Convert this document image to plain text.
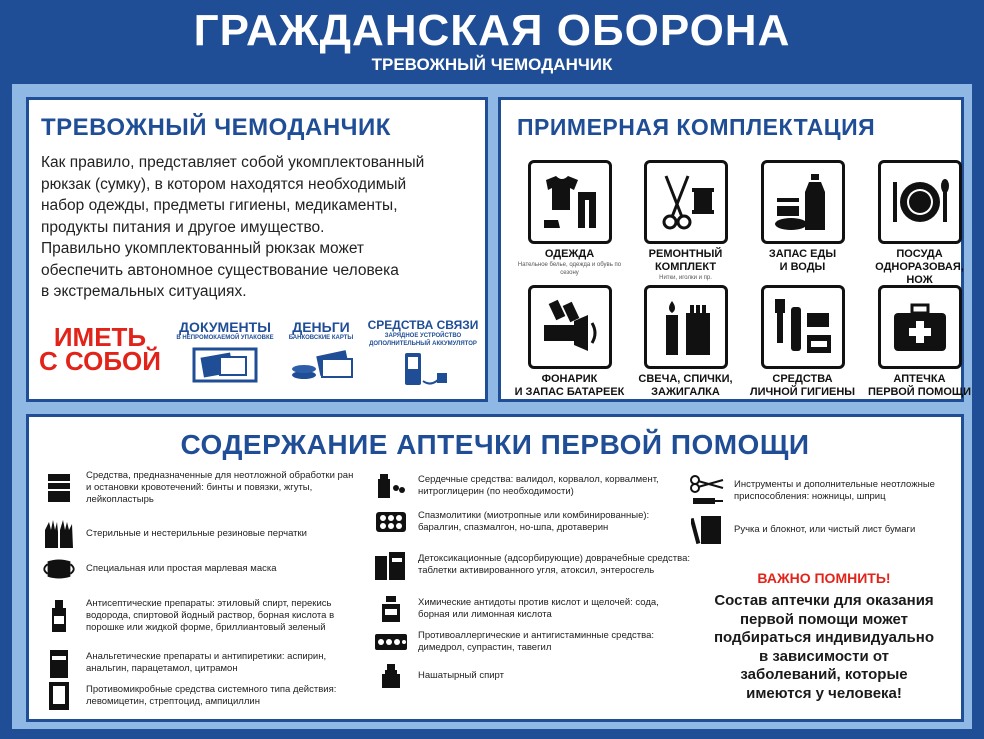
ГРАЖДАНСКАЯ ОБОРОНА
ТРЕВОЖНЫЙ ЧЕМОДАНЧИК
ТРЕВОЖНЫЙ ЧЕМОДАНЧИК
Как правило, представляет собой укомплектованный
рюкзак (сумку), в котором находятся необходимый
набор одежды, предметы гигиены, медикаменты,
продукты питания и другое имущество.
Правильно укомплектованный рюкзак может
обеспечить автономное существование человека
в экстремальных ситуациях.
ИМЕТЬ
С СОБОЙ
ДОКУМЕНТЫ
В НЕПРОМОКАЕМОЙ УПАКОВКЕ
ДЕНЬГИ
БАНКОВСКИЕ КАРТЫ
СРЕДСТВА СВЯЗИ
ЗАРЯДНОЕ УСТРОЙСТВО
ДОПОЛНИТЕЛЬНЫЙ АККУМУЛЯТОР
ПРИМЕРНАЯ КОМПЛЕКТАЦИЯ
ОДЕЖДА
Нательное белье, одежда и обувь по сезону
РЕМОНТНЫЙ КОМПЛЕКТ
Нитки, иголки и пр.
ЗАПАС ЕДЫ
И ВОДЫ
ПОСУДА
ОДНОРАЗОВАЯ, НОЖ
ФОНАРИК
И ЗАПАС БАТАРЕЕК
СВЕЧА, СПИЧКИ,
ЗАЖИГАЛКА
СРЕДСТВА
ЛИЧНОЙ ГИГИЕНЫ
АПТЕЧКА
ПЕРВОЙ ПОМОЩИ
СОДЕРЖАНИЕ АПТЕЧКИ ПЕРВОЙ ПОМОЩИ
Средства, предназначенные для неотложной обработки ран и остановки кровотечений: бинты и повязки, жгуты, лейкопластырь
Стерильные и нестерильные резиновые перчатки
Специальная или простая марлевая маска
Антисептические препараты: этиловый спирт, перекись водорода, спиртовой йодный раствор, борная кислота в порошке или жидкой форме, бриллиантовый зеленый
Анальгетические препараты и антипиретики: аспирин, анальгин, парацетамол, цитрамон
Противомикробные средства системного типа действия: левомицетин, стрептоцид, ампициллин
Сердечные средства: валидол, корвалол, корвалмент, нитроглицерин (по необходимости)
Спазмолитики (миотропные или комбинированные): баралгин, спазмалгон, но-шпа, дротаверин
Детоксикационные (адсорбирующие) доврачебные средства: таблетки активированного угля, атоксил, энтеросгель
Химические антидоты против кислот и щелочей: сода, борная или лимонная кислота
Противоаллергические и антигистаминные средства: димедрол, супрастин, тавегил
Нашатырный спирт
Инструменты и дополнительные неотложные приспособления: ножницы, шприц
Ручка и блокнот, или чистый лист бумаги
ВАЖНО ПОМНИТЬ!
Состав аптечки для оказания
первой помощи может
подбираться индивидуально
в зависимости от
заболеваний, которые
имеются у человека!
